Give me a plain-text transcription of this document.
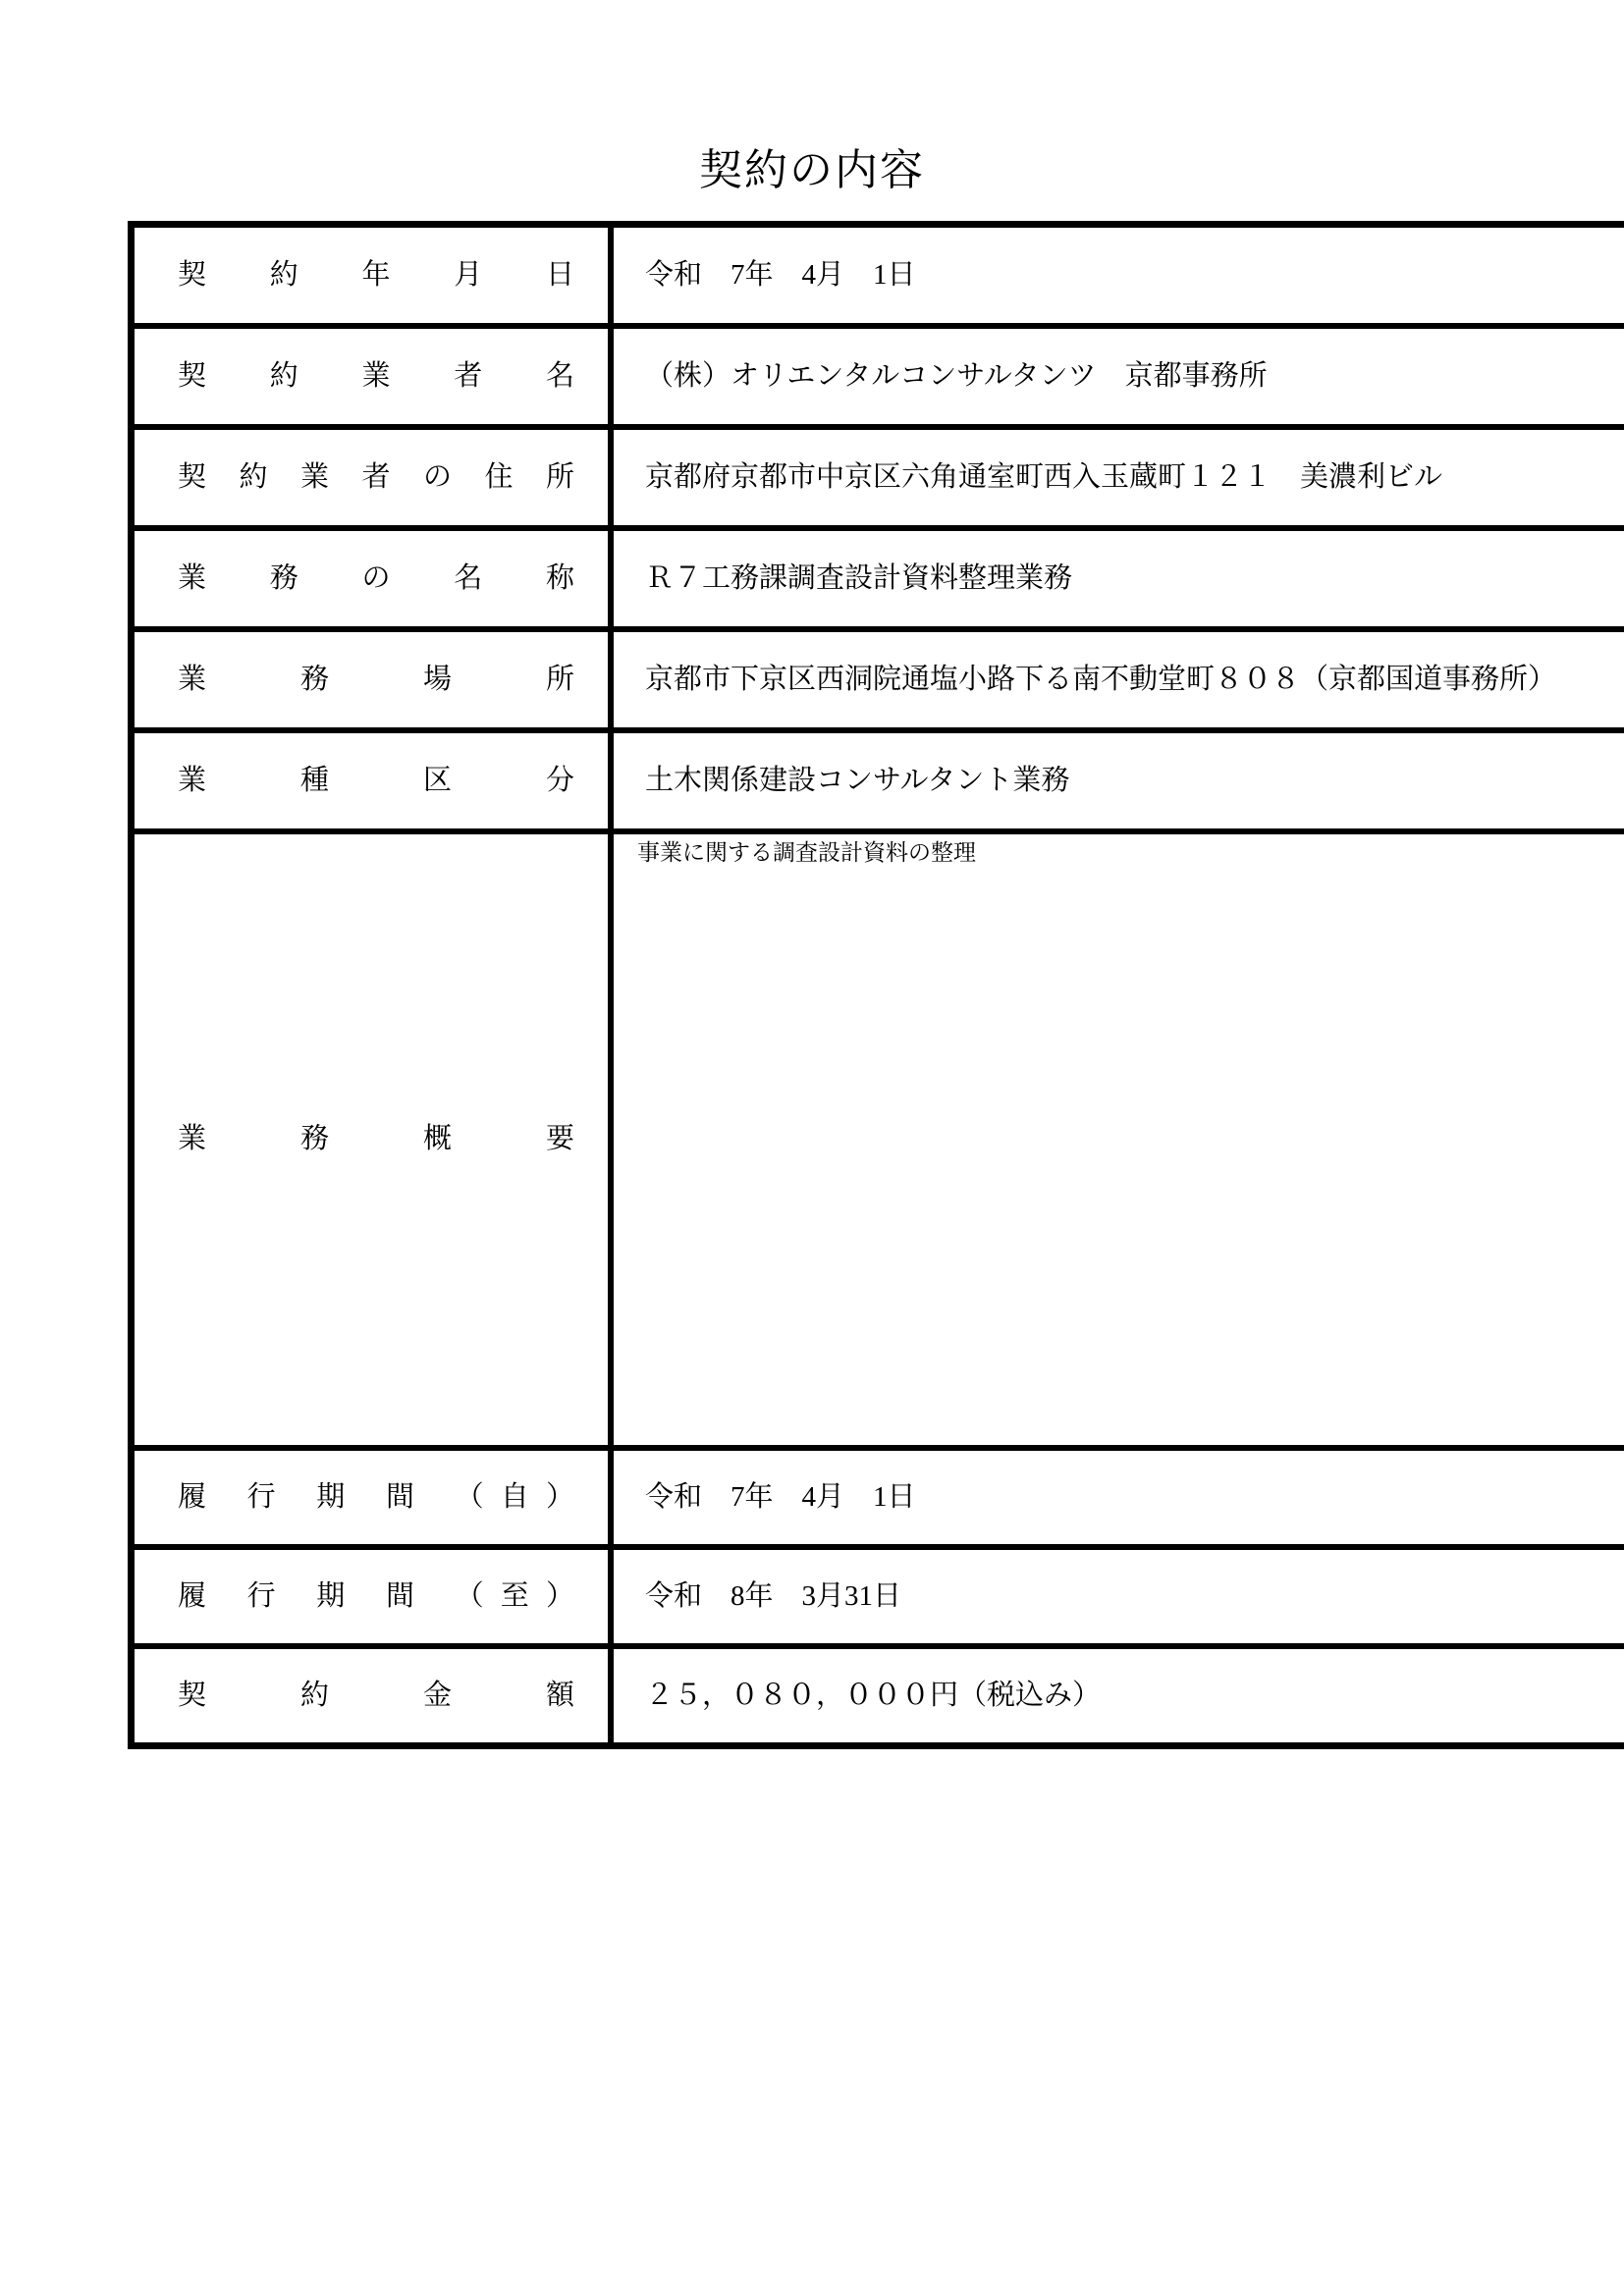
契約の内容
契 約 年 月 日	令和　7年　4月　1日
契 約 業 者 名	（株）オリエンタルコンサルタンツ　京都事務所
契 約 業 者 の 住 所	京都府京都市中京区六角通室町西入玉蔵町１２１　美濃利ビル
業 務 の 名 称	Ｒ７工務課調査設計資料整理業務
業 務 場 所	京都市下京区西洞院通塩小路下る南不動堂町８０８（京都国道事務所）
業 種 区 分	土木関係建設コンサルタント業務
業 務 概 要	事業に関する調査設計資料の整理
履 行 期 間 （自）	令和　7年　4月　1日
履 行 期 間 （至）	令和　8年　3月31日
契 約 金 額	２５，０８０，０００円（税込み）
